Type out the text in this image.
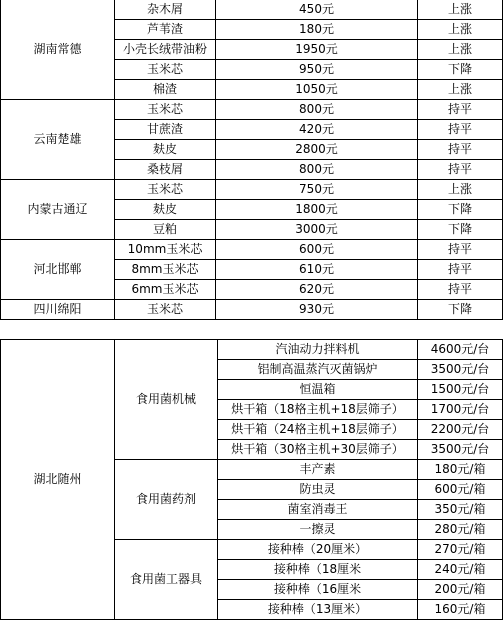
湖南常德	杂木屑	450元	上涨
	芦苇渣	180元	上涨
	小壳长绒带油粉	1950元	上涨
	玉米芯	950元	下降
	棉渣	1050元	上涨
云南楚雄	玉米芯	800元	持平
	甘蔗渣	420元	持平
	麸皮	2800元	持平
	桑枝屑	800元	持平
内蒙古通辽	玉米芯	750元	上涨
	麸皮	1800元	下降
	豆粕	3000元	下降
河北邯郸	10mm玉米芯	600元	持平
	8mm玉米芯	610元	持平
	6mm玉米芯	620元	持平
四川绵阳	玉米芯	930元	下降
湖北随州	食用菌机械	汽油动力拌料机	4600元/台
		铝制高温蒸汽灭菌锅炉	3500元/台
		恒温箱	1500元/台
		烘干箱（18格主机+18层筛子）	1700元/台
		烘干箱（24格主机+18层筛子）	2200元/台
		烘干箱（30格主机+30层筛子）	3500元/台
	食用菌药剂	丰产素	180元/箱
		防虫灵	600元/箱
		菌室消毒王	350元/箱
		一擦灵	280元/箱
	食用菌工器具	接种棒（20厘米）	270元/箱
		接种棒（18厘米	240元/箱
		接种棒（16厘米	200元/箱
		接种棒（13厘米）	160元/箱
